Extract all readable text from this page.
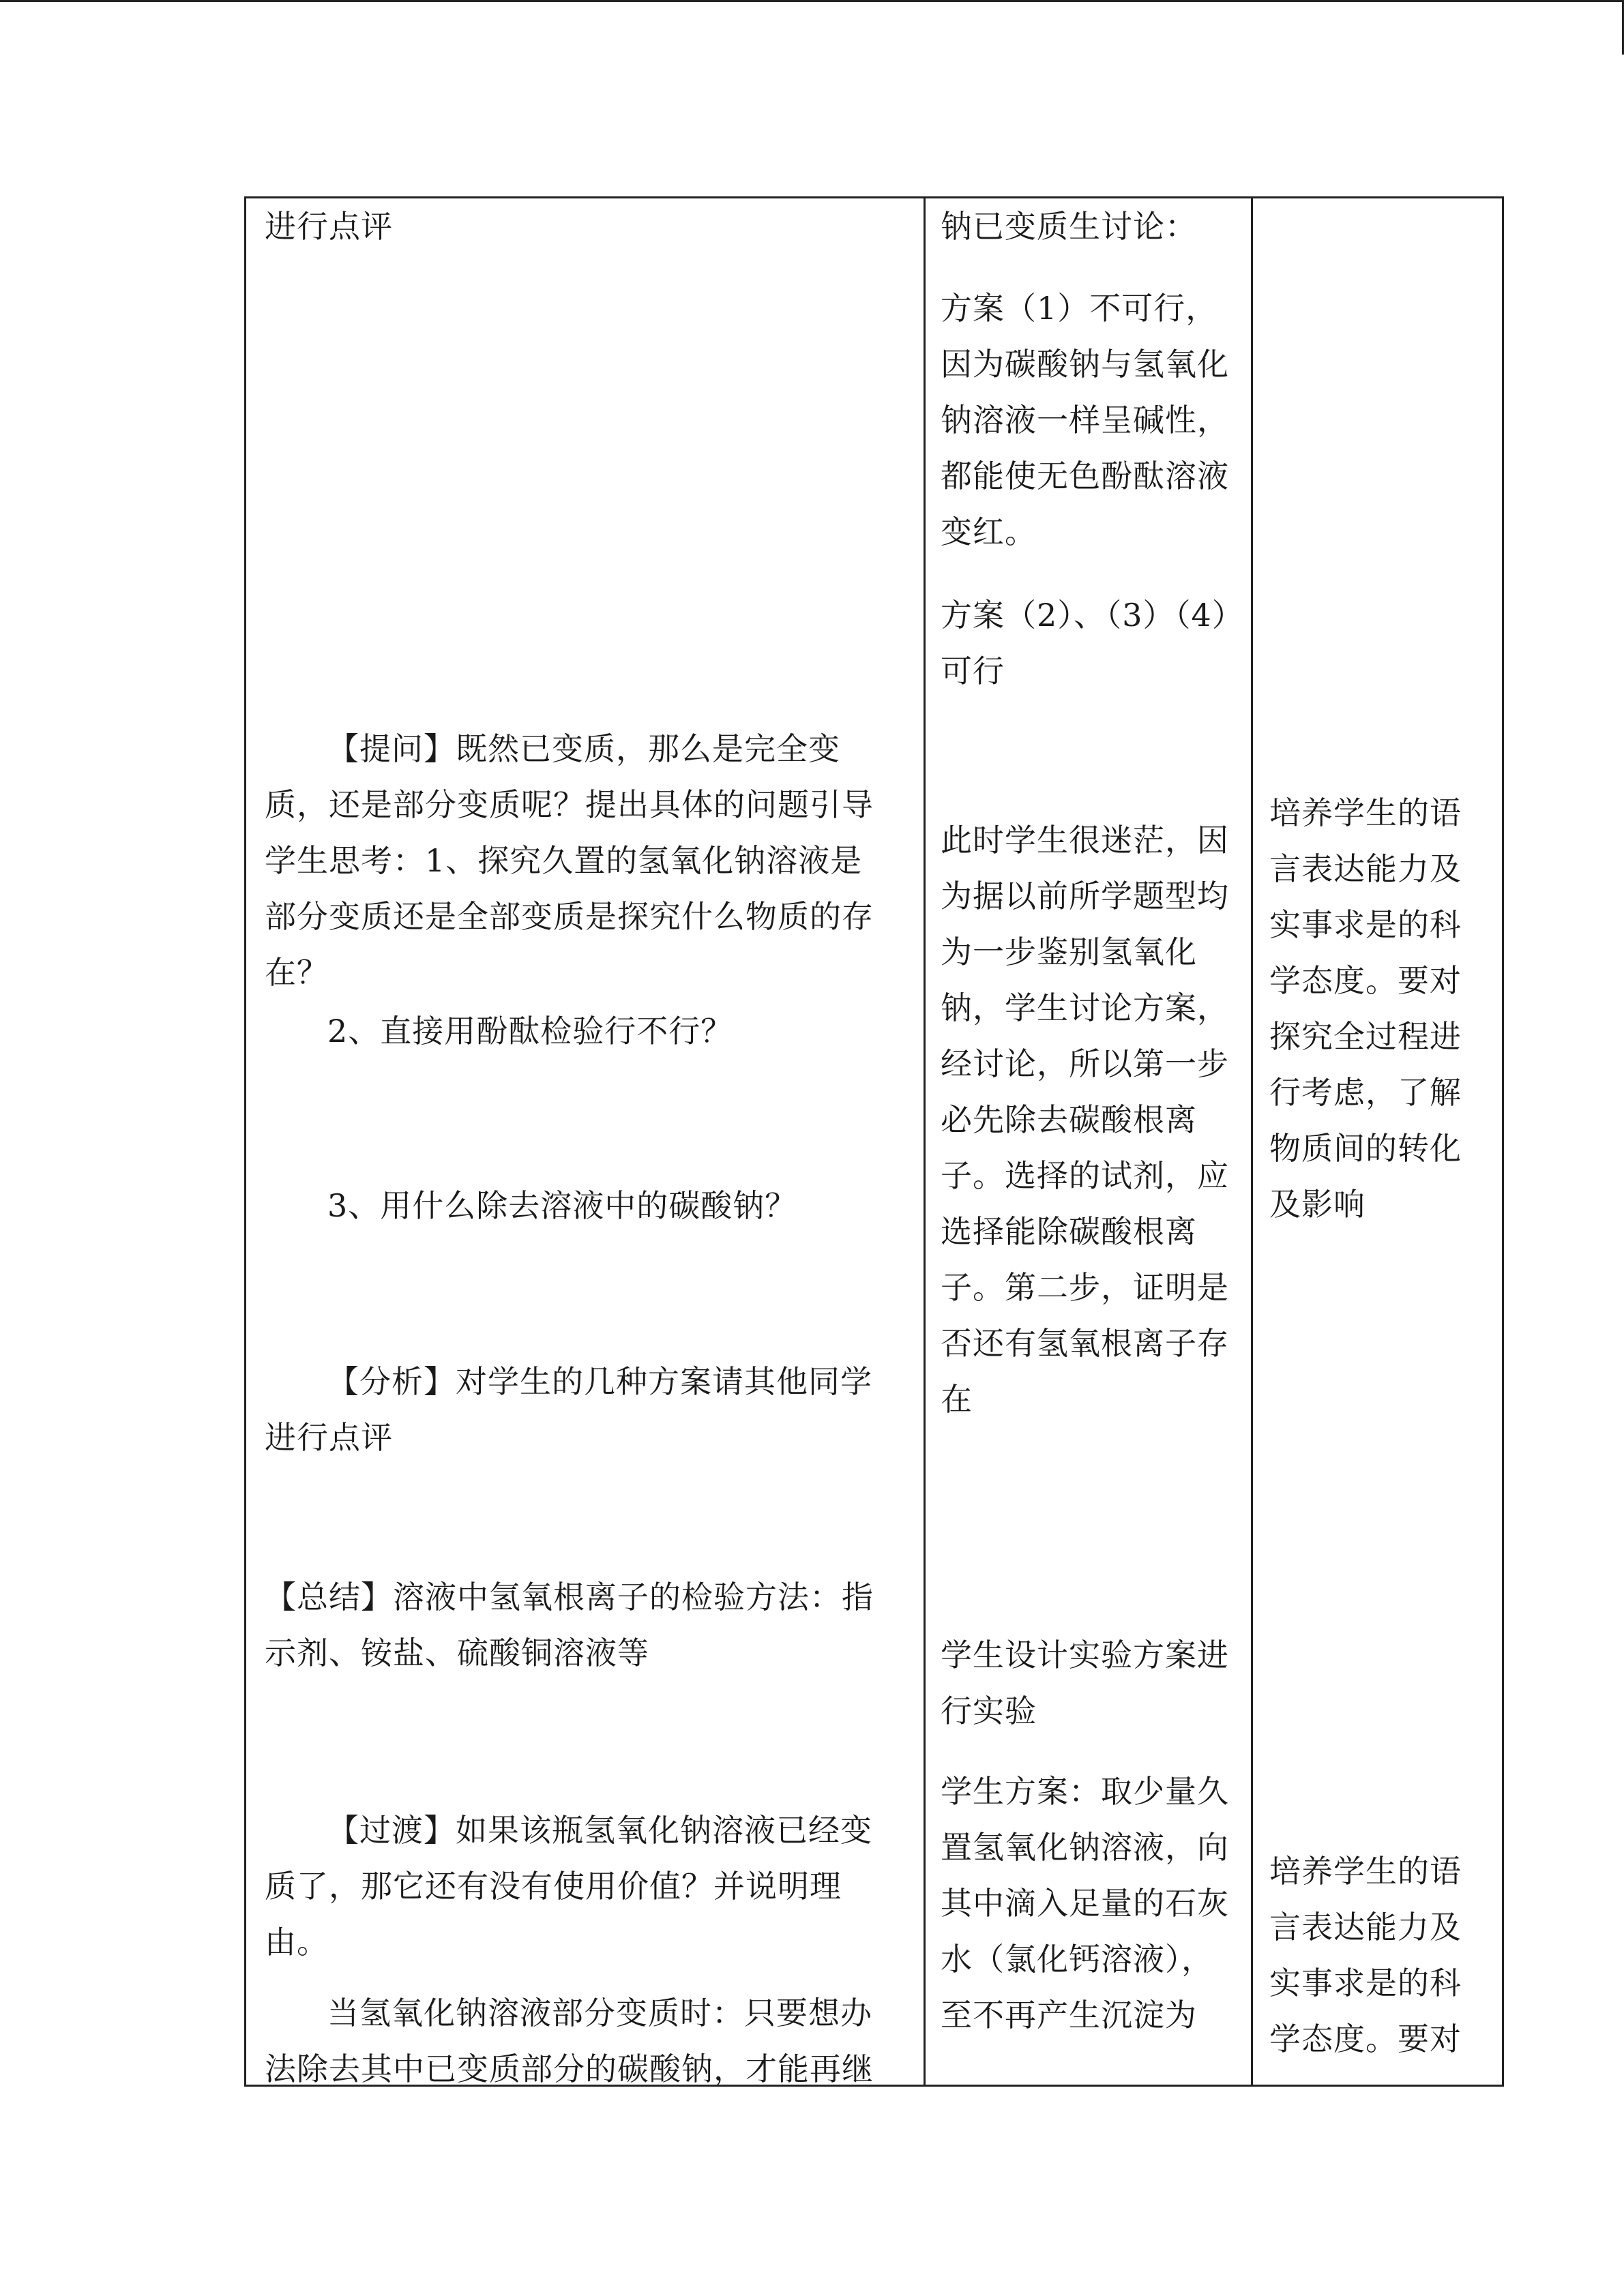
进行点评

【提问】既然已变质，那么是完全变质，还是部分变质呢？提出具体的问题引导学生思考：1、探究久置的氢氧化钠溶液是部分变质还是全部变质是探究什么物质的存在？

2、直接用酚酞检验行不行？

3、用什么除去溶液中的碳酸钠？

【分析】对学生的几种方案请其他同学进行点评

【总结】溶液中氢氧根离子的检验方法：指示剂、铵盐、硫酸铜溶液等

【过渡】如果该瓶氢氧化钠溶液已经变质了，那它还有没有使用价值？并说明理由。

当氢氧化钠溶液部分变质时：只要想办法除去其中已变质部分的碳酸钠，才能再继

钠已变质生讨论：

方案（1）不可行，因为碳酸钠与氢氧化钠溶液一样呈碱性，都能使无色酚酞溶液变红。

方案（2）、（3）（4）可行

此时学生很迷茫，因为据以前所学题型均为一步鉴别氢氧化钠，学生讨论方案，经讨论，所以第一步必先除去碳酸根离子。选择的试剂，应选择能除碳酸根离子。第二步，证明是否还有氢氧根离子存在

学生设计实验方案进行实验

学生方案：取少量久置氢氧化钠溶液，向其中滴入足量的石灰水（氯化钙溶液），至不再产生沉淀为

培养学生的语言表达能力及实事求是的科学态度。要对探究全过程进行考虑，了解物质间的转化及影响

培养学生的语言表达能力及实事求是的科学态度。要对
